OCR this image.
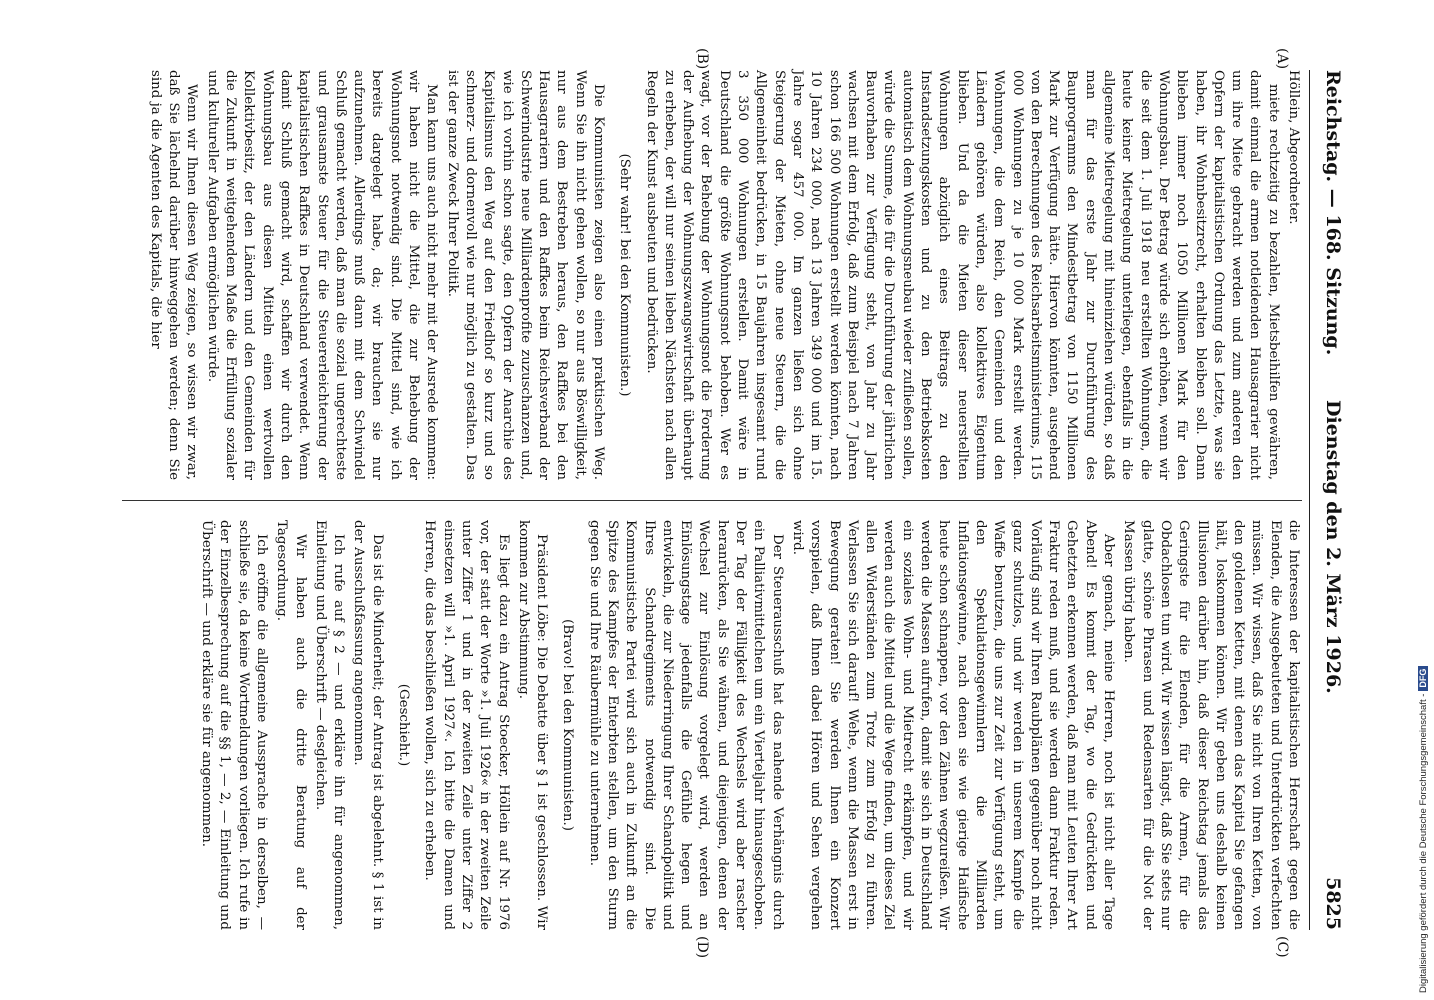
Reichstag. — 168. Sitzung.
Dienstag den 2. März 1926.
5825
(A)
(B)
(C)
(D)

Höllein, Abgeordneter.

miete rechtzeitig zu bezahlen, Mietsbeihilfen gewähren, damit einmal die armen notleidenden Hausagrarier nicht um ihre Miete gebracht werden und zum anderen den Opfern der kapitalistischen Ordnung das Letzte, was sie haben, ihr Wohnbesitzrecht, erhalten bleiben soll. Dann blieben immer noch 1050 Millionen Mark für den Wohnungsbau. Der Betrag würde sich erhöhen, wenn wir die seit dem 1. Juli 1918 neu erstellten Wohnungen, die heute keiner Mietregelung unterliegen, ebenfalls in die allgemeine Mietregelung mit hineinziehen würden, so daß man für das erste Jahr zur Durchführung des Bauprogramms den Mindestbetrag von 1150 Millionen Mark zur Verfügung hätte. Hiervon könnten, ausgehend von den Berechnungen des Reichsarbeitsministeriums, 115 000 Wohnungen zu je 10 000 Mark erstellt werden. Wohnungen, die dem Reich, den Gemeinden und den Ländern gehören würden, also kollektives Eigentum blieben. Und da die Mieten dieser neuerstellten Wohnungen abzüglich eines Beitrags zu den Instandsetzungskosten und zu den Betriebskosten automatisch dem Wohnungsneubau wieder zufließen sollen, würde die Summe, die für die Durchführung der jährlichen Bauvorhaben zur Verfügung steht, von Jahr zu Jahr wachsen mit dem Erfolg, daß zum Beispiel nach 7 Jahren schon 166 500 Wohnungen erstellt werden könnten, nach 10 Jahren 234 000, nach 13 Jahren 349 000 und im 15. Jahre sogar 457 000. Im ganzen ließen sich ohne Steigerung der Mieten, ohne neue Steuern, die die Allgemeinheit bedrücken, in 15 Baujahren insgesamt rund 3 350 000 Wohnungen erstellen. Damit wäre in Deutschland die größte Wohnungsnot behoben. Wer es wagt, vor der Behebung der Wohnungsnot die Forderung der Aufhebung der Wohnungszwangswirtschaft überhaupt zu erheben, der will nur seinen lieben Nächsten nach allen Regeln der Kunst ausbeuten und bedrücken.

(Sehr wahr! bei den Kommunisten.)

Die Kommunisten zeigen also einen praktischen Weg. Wenn Sie ihn nicht gehen wollen, so nur aus Böswilligkeit, nur aus dem Bestreben heraus, den Raffkes bei den Hausagrariern und den Raffkes beim Reichsverband der Schwerindustrie neue Milliardenprofite zuzuschanzen und, wie ich vorhin schon sagte, den Opfern der Anarchie des Kapitalismus den Weg auf den Friedhof so kurz und so schmerz- und dornenvoll wie nur möglich zu gestalten. Das ist der ganze Zweck Ihrer Politik.

Man kann uns auch nicht mehr mit der Ausrede kommen: wir haben nicht die Mittel, die zur Behebung der Wohnungsnot notwendig sind. Die Mittel sind, wie ich bereits dargelegt habe, da; wir brauchen sie nur aufzunehmen. Allerdings muß dann mit dem Schwindel Schluß gemacht werden, daß man die sozial ungerechteste und grausamste Steuer für die Steuererleichterung der kapitalistischen Raffkes in Deutschland verwendet. Wenn damit Schluß gemacht wird, schaffen wir durch den Wohnungsbau aus diesen Mitteln einen wertvollen Kollektivbesitz, der den Ländern und den Gemeinden für die Zukunft in weitgehendem Maße die Erfüllung sozialer und kultureller Aufgaben ermöglichen würde.

Wenn wir Ihnen diesen Weg zeigen, so wissen wir zwar, daß Sie lächelnd darüber hinweggehen werden; denn Sie sind ja die Agenten des Kapitals, die hier

die Interessen der kapitalistischen Herrschaft gegen die Elenden, die Ausgebeuteten und Unterdrückten verfechten müssen. Wir wissen, daß Sie nicht von Ihren Ketten, von den goldenen Ketten, mit denen das Kapital Sie gefangen hält, loskommen können. Wir geben uns deshalb keinen Illusionen darüber hin, daß dieser Reichstag jemals das Geringste für die Elenden, für die Armen, für die Obdachlosen tun wird. Wir wissen längst, daß Sie stets nur glatte, schöne Phrasen und Redensarten für die Not der Massen übrig haben.

Aber gemach, meine Herren, noch ist nicht aller Tage Abend! Es kommt der Tag, wo die Gedrückten und Gehetzten erkennen werden, daß man mit Leuten Ihrer Art Fraktur reden muß, und sie werden dann Fraktur reden. Vorläufig sind wir Ihren Raubplänen gegenüber noch nicht ganz schutzlos, und wir werden in unserem Kampfe die Waffe benutzen, die uns zur Zeit zur Verfügung steht, um den Spekulationsgewinnlern die Milliarden Inflationsgewinne, nach denen sie wie gierige Haifische heute schon schnappen, vor den Zähnen wegzureißen. Wir werden die Massen aufrufen, damit sie sich in Deutschland ein soziales Wohn- und Mietrecht erkämpfen, und wir werden auch die Mittel und die Wege finden, um dieses Ziel allen Widerständen zum Trotz zum Erfolg zu führen. Verlassen Sie sich darauf! Wehe, wenn die Massen erst in Bewegung geraten! Sie werden Ihnen ein Konzert vorspielen, daß Ihnen dabei Hören und Sehen vergehen wird.

Der Steuerausschuß hat das nahende Verhängnis durch ein Palliativmittelchen um ein Vierteljahr hinausgeschoben. Der Tag der Fälligkeit des Wechsels wird aber rascher heranrücken, als Sie wähnen, und diejenigen, denen der Wechsel zur Einlösung vorgelegt wird, werden an Einlösungstage jedenfalls die Gefühle hegen und entwickeln, die zur Niederringung Ihrer Schandpolitik und Ihres Schandregiments notwendig sind. Die Kommunistische Partei wird sich auch in Zukunft an die Spitze des Kampfes der Enterbten stellen, um den Sturm gegen Sie und Ihre Räubermühle zu unternehmen.

(Bravo! bei den Kommunisten.)

Präsident Löbe: Die Debatte über § 1 ist geschlossen. Wir kommen zur Abstimmung.

Es liegt dazu ein Antrag Stoecker, Höllein auf Nr. 1976 vor, der statt der Worte »1. Juli 1926« in der zweiten Zeile unter Ziffer 1 und in der zweiten Zeile unter Ziffer 2 einsetzen will »1. April 1927«. Ich bitte die Damen und Herren, die das beschließen wollen, sich zu erheben.

(Geschieht.)

Das ist die Minderheit; der Antrag ist abgelehnt. § 1 ist in der Ausschußfassung angenommen.

Ich rufe auf § 2 — und erkläre ihn für angenommen, Einleitung und Überschrift — desgleichen.

Wir haben auch die dritte Beratung auf der Tagesordnung.

Ich eröffne die allgemeine Aussprache in derselben, — schließe sie, da keine Wortmeldungen vorliegen. Ich rufe in der Einzelbesprechung auf die §§ 1, — 2, — Einleitung und Überschrift — und erkläre sie für angenommen.	Digitalisierung gefördert durch die Deutsche Forschungsgemeinschaft -DFG
